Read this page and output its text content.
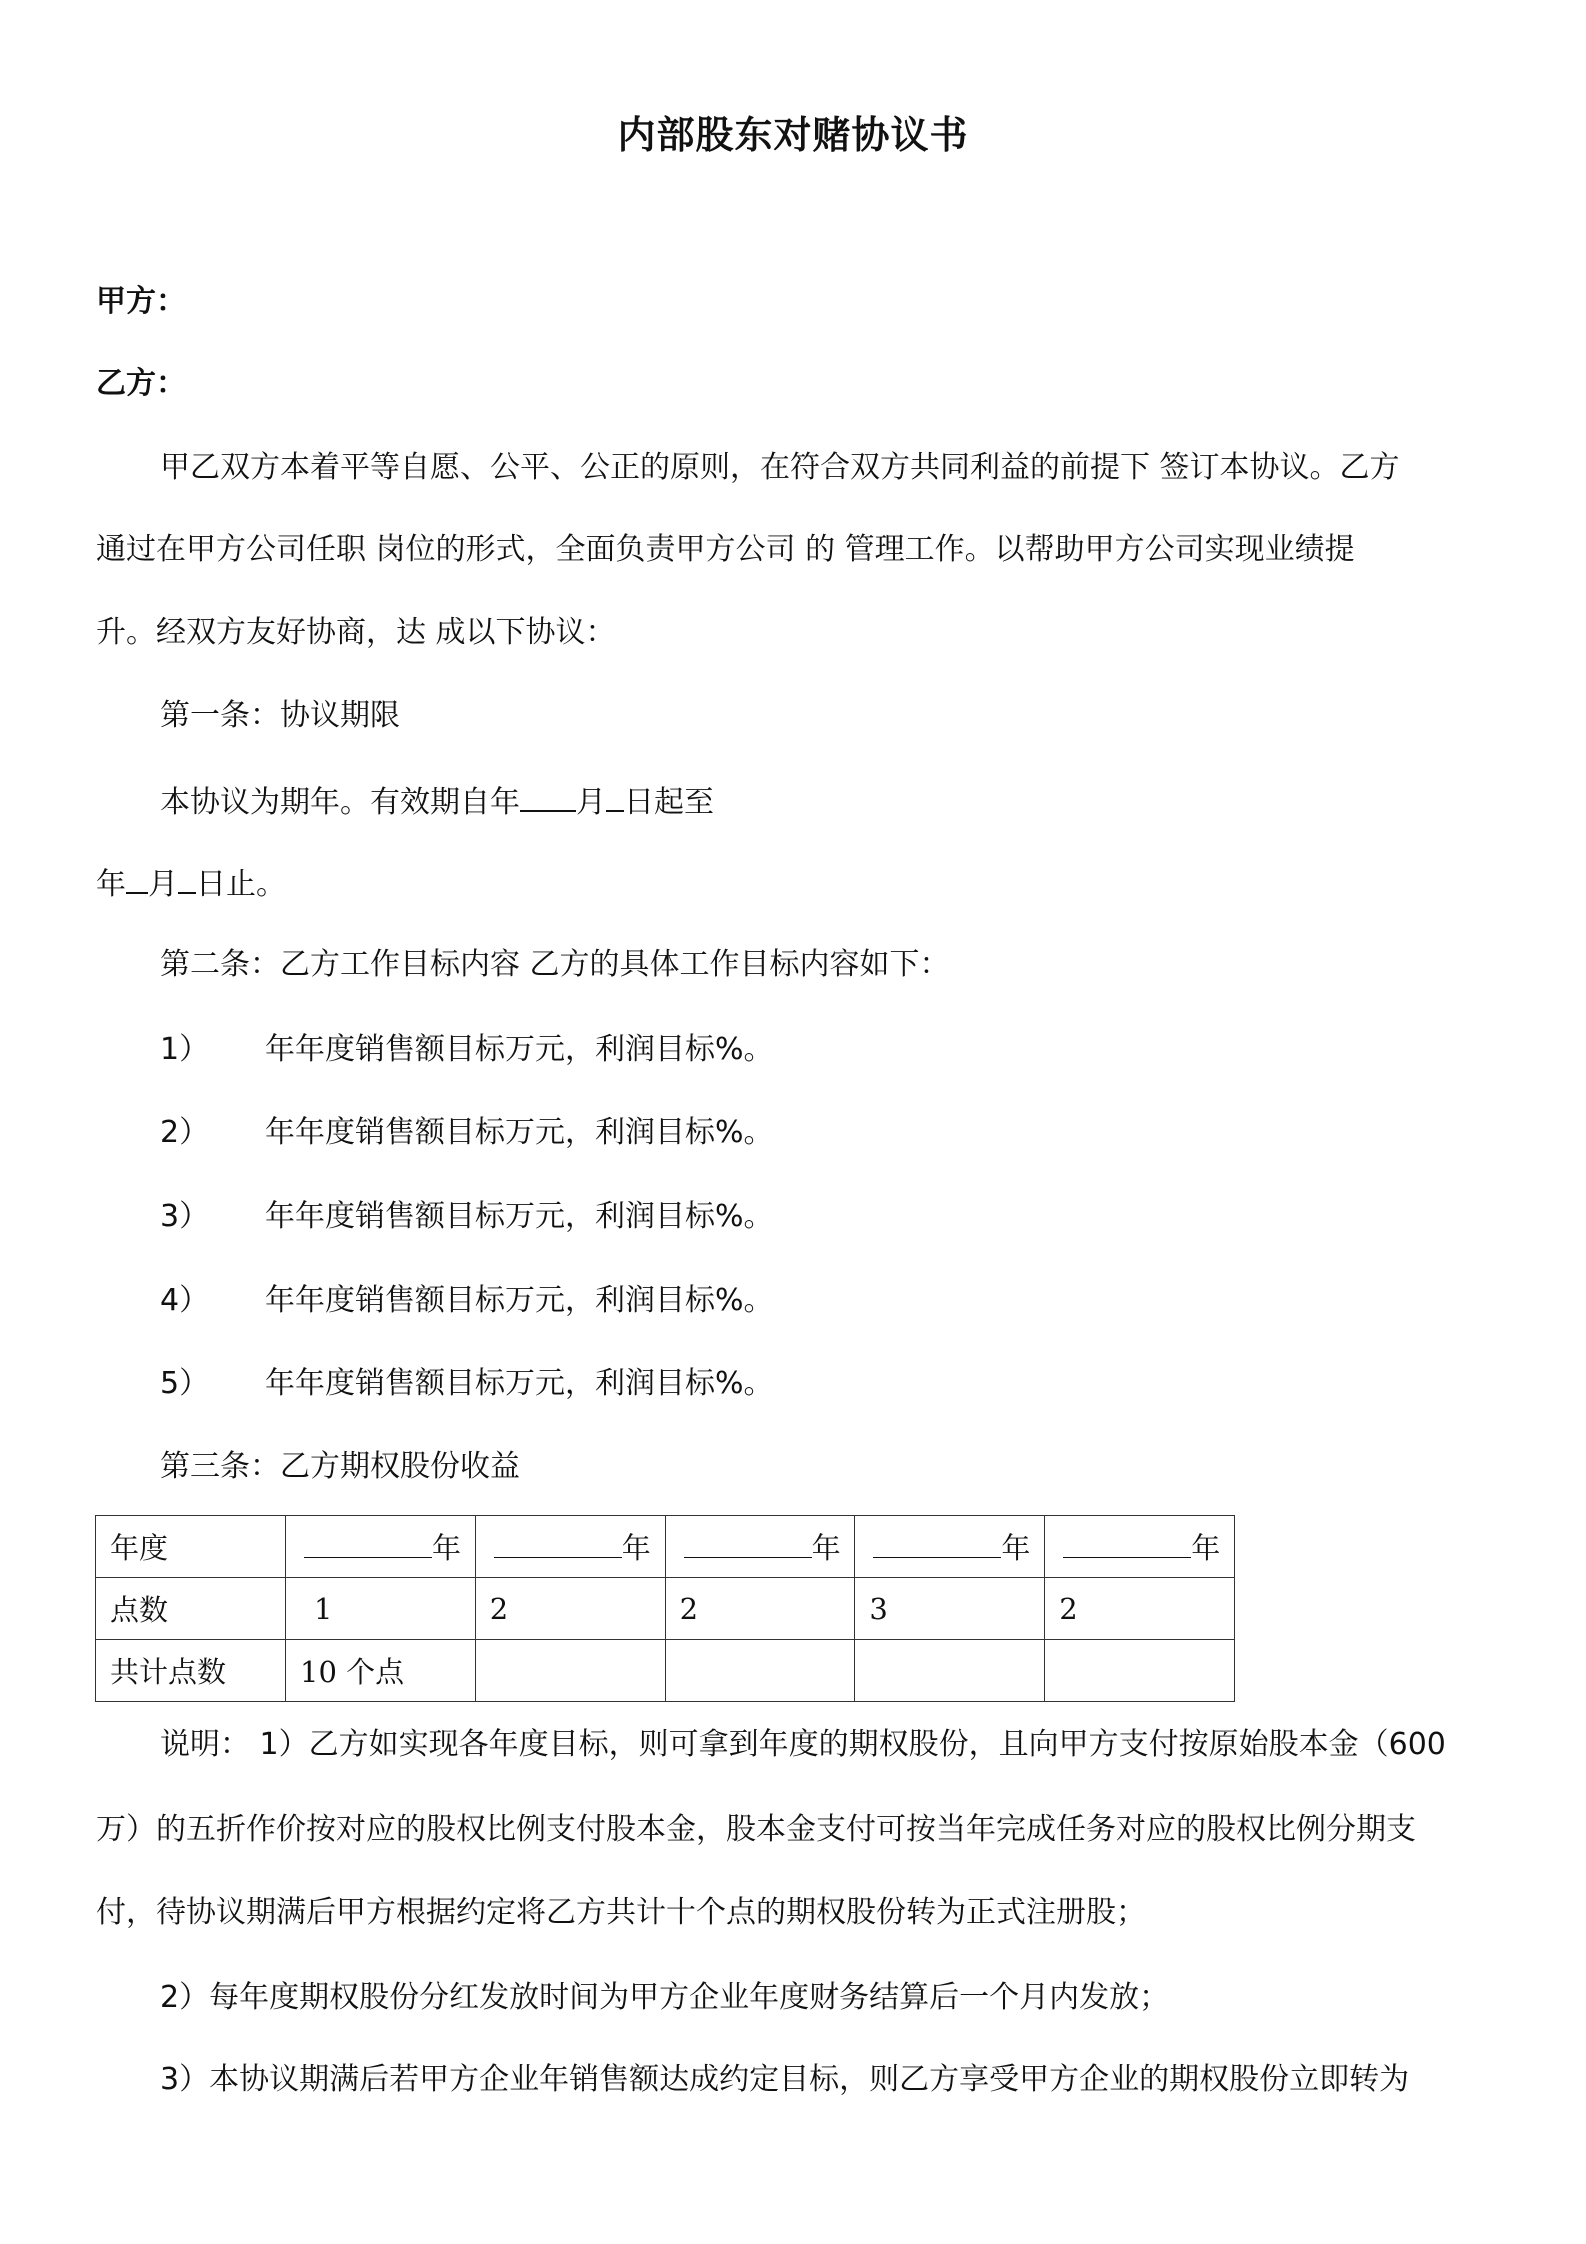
内部股东对赌协议书
甲方：
乙方：
甲乙双方本着平等自愿、公平、公正的原则，在符合双方共同利益的前提下 签订本协议。乙方
通过在甲方公司任职 岗位的形式，全面负责甲方公司 的 管理工作。以帮助甲方公司实现业绩提
升。经双方友好协商，达 成以下协议：
第一条：协议期限
本协议为期年。有效期自年 月 日起至
年 月 日止。
第二条：乙方工作目标内容 乙方的具体工作目标内容如下：
1） 年年度销售额目标万元，利润目标%。
2） 年年度销售额目标万元，利润目标%。
3） 年年度销售额目标万元，利润目标%。
4） 年年度销售额目标万元，利润目标%。
5） 年年度销售额目标万元，利润目标%。
第三条：乙方期权股份收益
年度	年	年	年	年	年
点数	1	2	2	3	2
共计点数	10 个点				
说明： 1）乙方如实现各年度目标，则可拿到年度的期权股份，且向甲方支付按原始股本金（600
万）的五折作价按对应的股权比例支付股本金，股本金支付可按当年完成任务对应的股权比例分期支
付，待协议期满后甲方根据约定将乙方共计十个点的期权股份转为正式注册股；
2）每年度期权股份分红发放时间为甲方企业年度财务结算后一个月内发放；
3）本协议期满后若甲方企业年销售额达成约定目标，则乙方享受甲方企业的期权股份立即转为
